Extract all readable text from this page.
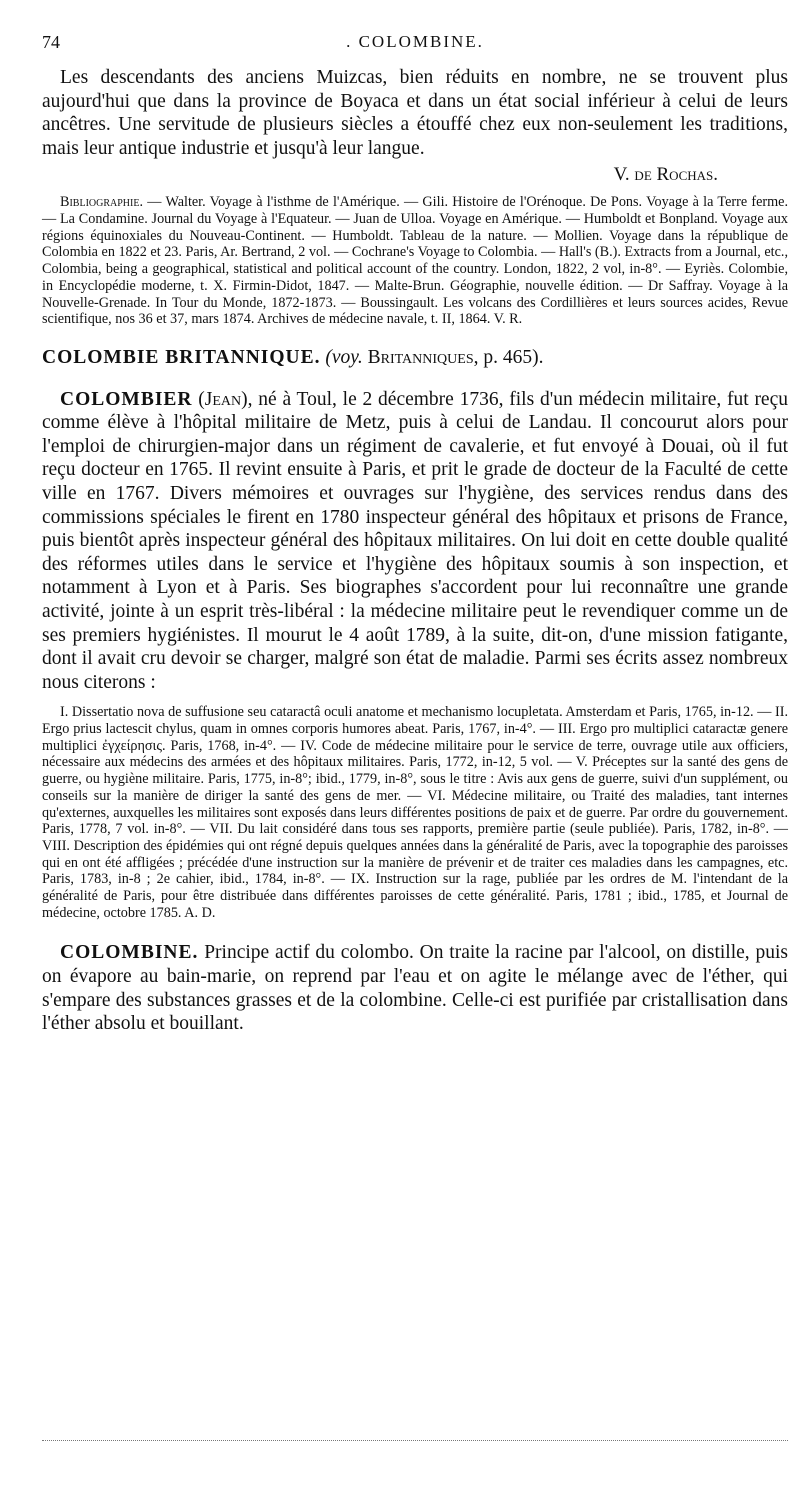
74	. COLOMBINE.

Les descendants des anciens Muizcas, bien réduits en nombre, ne se trouvent plus aujourd'hui que dans la province de Boyaca et dans un état social inférieur à celui de leurs ancêtres. Une servitude de plusieurs siècles a étouffé chez eux non-seulement les traditions, mais leur antique industrie et jusqu'à leur langue.

V. de Rochas.

Bibliographie. — Walter. Voyage à l'isthme de l'Amérique. — Gili. Histoire de l'Orénoque. De Pons. Voyage à la Terre ferme. — La Condamine. Journal du Voyage à l'Equateur. — Juan de Ulloa. Voyage en Amérique. — Humboldt et Bonpland. Voyage aux régions équinoxiales du Nouveau-Continent. — Humboldt. Tableau de la nature. — Mollien. Voyage dans la république de Colombia en 1822 et 23. Paris, Ar. Bertrand, 2 vol. — Cochrane's Voyage to Colombia. — Hall's (B.). Extracts from a Journal, etc., Colombia, being a geographical, statistical and political account of the country. London, 1822, 2 vol, in-8°. — Eyriès. Colombie, in Encyclopédie moderne, t. X. Firmin-Didot, 1847. — Malte-Brun. Géographie, nouvelle édition. — Dr Saffray. Voyage à la Nouvelle-Grenade. In Tour du Monde, 1872-1873. — Boussingault. Les volcans des Cordillières et leurs sources acides, Revue scientifique, nos 36 et 37, mars 1874. Archives de médecine navale, t. II, 1864. V. R.

COLOMBIE BRITANNIQUE. (voy. Britanniques, p. 465).

COLOMBIER (Jean), né à Toul, le 2 décembre 1736, fils d'un médecin militaire, fut reçu comme élève à l'hôpital militaire de Metz, puis à celui de Landau. Il concourut alors pour l'emploi de chirurgien-major dans un régiment de cavalerie, et fut envoyé à Douai, où il fut reçu docteur en 1765. Il revint ensuite à Paris, et prit le grade de docteur de la Faculté de cette ville en 1767. Divers mémoires et ouvrages sur l'hygiène, des services rendus dans des commissions spéciales le firent en 1780 inspecteur général des hôpitaux et prisons de France, puis bientôt après inspecteur général des hôpitaux militaires. On lui doit en cette double qualité des réformes utiles dans le service et l'hygiène des hôpitaux soumis à son inspection, et notamment à Lyon et à Paris. Ses biographes s'accordent pour lui reconnaître une grande activité, jointe à un esprit très-libéral : la médecine militaire peut le revendiquer comme un de ses premiers hygiénistes. Il mourut le 4 août 1789, à la suite, dit-on, d'une mission fatigante, dont il avait cru devoir se charger, malgré son état de maladie. Parmi ses écrits assez nombreux nous citerons :

I. Dissertatio nova de suffusione seu cataractâ oculi anatome et mechanismo locupletata. Amsterdam et Paris, 1765, in-12. — II. Ergo prius lactescit chylus, quam in omnes corporis humores abeat. Paris, 1767, in-4°. — III. Ergo pro multiplici cataractæ genere multiplici ἐγχείρησις. Paris, 1768, in-4°. — IV. Code de médecine militaire pour le service de terre, ouvrage utile aux officiers, nécessaire aux médecins des armées et des hôpitaux militaires. Paris, 1772, in-12, 5 vol. — V. Préceptes sur la santé des gens de guerre, ou hygiène militaire. Paris, 1775, in-8°; ibid., 1779, in-8°, sous le titre : Avis aux gens de guerre, suivi d'un supplément, ou conseils sur la manière de diriger la santé des gens de mer. — VI. Médecine militaire, ou Traité des maladies, tant internes qu'externes, auxquelles les militaires sont exposés dans leurs différentes positions de paix et de guerre. Par ordre du gouvernement. Paris, 1778, 7 vol. in-8°. — VII. Du lait considéré dans tous ses rapports, première partie (seule publiée). Paris, 1782, in-8°. — VIII. Description des épidémies qui ont régné depuis quelques années dans la généralité de Paris, avec la topographie des paroisses qui en ont été affligées ; précédée d'une instruction sur la manière de prévenir et de traiter ces maladies dans les campagnes, etc. Paris, 1783, in-8 ; 2e cahier, ibid., 1784, in-8°. — IX. Instruction sur la rage, publiée par les ordres de M. l'intendant de la généralité de Paris, pour être distribuée dans différentes paroisses de cette généralité. Paris, 1781 ; ibid., 1785, et Journal de médecine, octobre 1785. A. D.

COLOMBINE. Principe actif du colombo. On traite la racine par l'alcool, on distille, puis on évapore au bain-marie, on reprend par l'eau et on agite le mélange avec de l'éther, qui s'empare des substances grasses et de la colombine. Celle-ci est purifiée par cristallisation dans l'éther absolu et bouillant.
